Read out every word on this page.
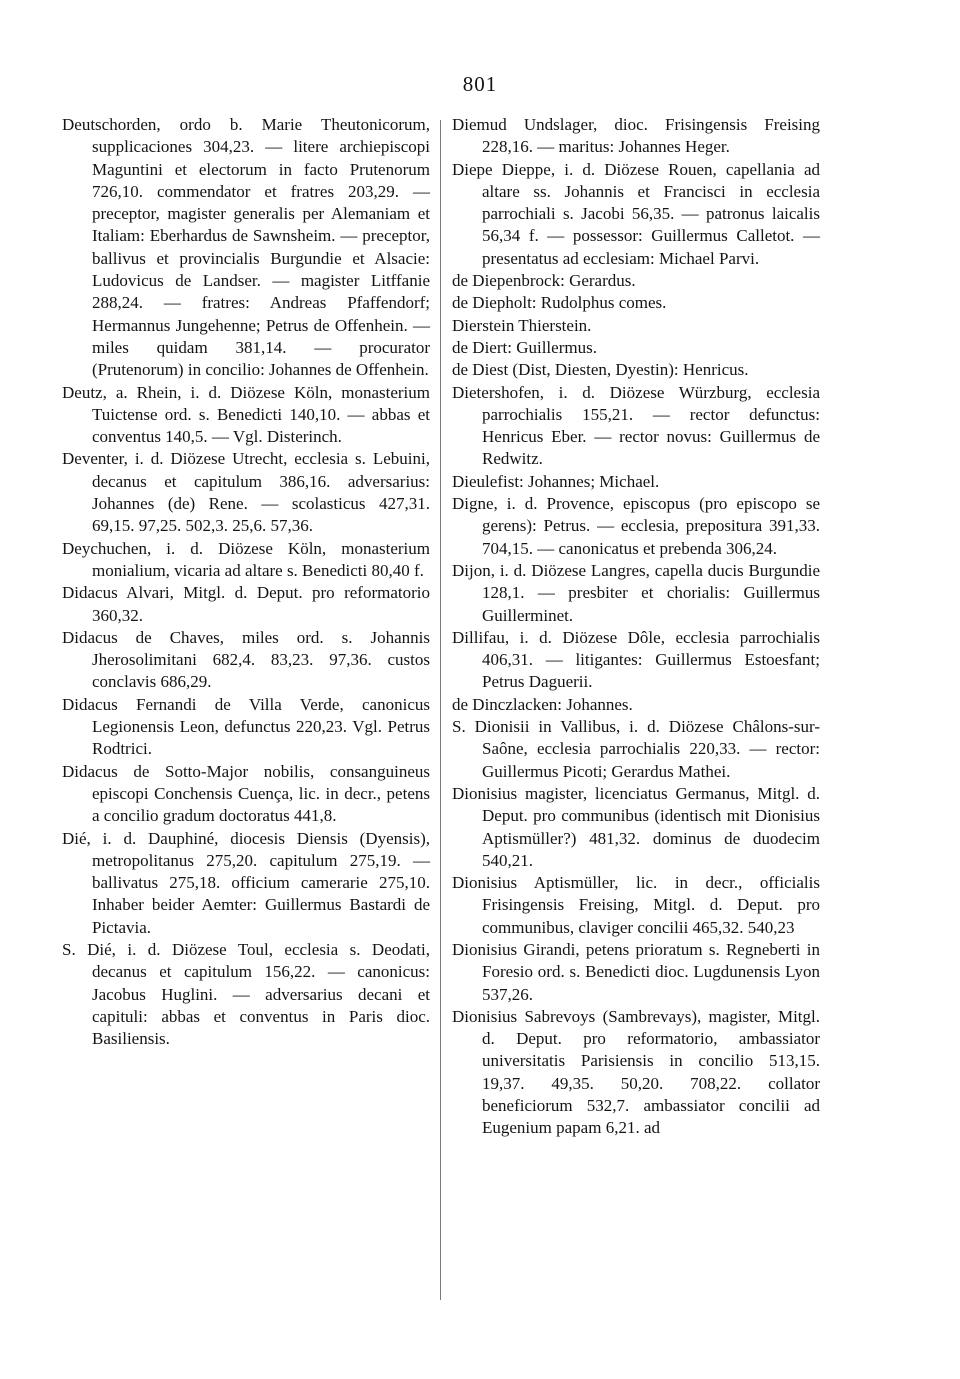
801

Deutschorden, ordo b. Marie Theutonicorum, supplicaciones 304,23. — litere archiepiscopi Maguntini et electorum in facto Prutenorum 726,10. commendator et fratres 203,29. — preceptor, magister generalis per Alemaniam et Italiam: Eberhardus de Sawnsheim. — preceptor, ballivus et provincialis Burgundie et Alsacie: Ludovicus de Landser. — magister Litffanie 288,24. — fratres: Andreas Pfaffendorf; Hermannus Jungehenne; Petrus de Offenhein. — miles quidam 381,14. — procurator (Prutenorum) in concilio: Johannes de Offenhein.

Deutz, a. Rhein, i. d. Diözese Köln, monasterium Tuictense ord. s. Benedicti 140,10. — abbas et conventus 140,5. — Vgl. Disterinch.

Deventer, i. d. Diözese Utrecht, ecclesia s. Lebuini, decanus et capitulum 386,16. adversarius: Johannes (de) Rene. — scolasticus 427,31. 69,15. 97,25. 502,3. 25,6. 57,36.

Deychuchen, i. d. Diözese Köln, monasterium monialium, vicaria ad altare s. Benedicti 80,40 f.

Didacus Alvari, Mitgl. d. Deput. pro reformatorio 360,32.

Didacus de Chaves, miles ord. s. Johannis Jherosolimitani 682,4. 83,23. 97,36. custos conclavis 686,29.

Didacus Fernandi de Villa Verde, canonicus Legionensis Leon, defunctus 220,23. Vgl. Petrus Rodtrici.

Didacus de Sotto-Major nobilis, consanguineus episcopi Conchensis Cuença, lic. in decr., petens a concilio gradum doctoratus 441,8.

Dié, i. d. Dauphiné, diocesis Diensis (Dyensis), metropolitanus 275,20. capitulum 275,19. — ballivatus 275,18. officium camerarie 275,10. Inhaber beider Aemter: Guillermus Bastardi de Pictavia.

S. Dié, i. d. Diözese Toul, ecclesia s. Deodati, decanus et capitulum 156,22. — canonicus: Jacobus Huglini. — adversarius decani et capituli: abbas et conventus in Paris dioc. Basiliensis.

Diemud Undslager, dioc. Frisingensis Freising 228,16. — maritus: Johannes Heger.

Diepe Dieppe, i. d. Diözese Rouen, capellania ad altare ss. Johannis et Francisci in ecclesia parrochiali s. Jacobi 56,35. — patronus laicalis 56,34 f. — possessor: Guillermus Calletot. — presentatus ad ecclesiam: Michael Parvi.

de Diepenbrock: Gerardus.

de Diepholt: Rudolphus comes.

Dierstein Thierstein.

de Diert: Guillermus.

de Diest (Dist, Diesten, Dyestin): Henricus.

Dietershofen, i. d. Diözese Würzburg, ecclesia parrochialis 155,21. — rector defunctus: Henricus Eber. — rector novus: Guillermus de Redwitz.

Dieulefist: Johannes; Michael.

Digne, i. d. Provence, episcopus (pro episcopo se gerens): Petrus. — ecclesia, prepositura 391,33. 704,15. — canonicatus et prebenda 306,24.

Dijon, i. d. Diözese Langres, capella ducis Burgundie 128,1. — presbiter et chorialis: Guillermus Guillerminet.

Dillifau, i. d. Diözese Dôle, ecclesia parrochialis 406,31. — litigantes: Guillermus Estoesfant; Petrus Daguerii.

de Dinczlacken: Johannes.

S. Dionisii in Vallibus, i. d. Diözese Châlons-sur-Saône, ecclesia parrochialis 220,33. — rector: Guillermus Picoti; Gerardus Mathei.

Dionisius magister, licenciatus Germanus, Mitgl. d. Deput. pro communibus (identisch mit Dionisius Aptismüller?) 481,32. dominus de duodecim 540,21.

Dionisius Aptismüller, lic. in decr., officialis Frisingensis Freising, Mitgl. d. Deput. pro communibus, claviger concilii 465,32. 540,23

Dionisius Girandi, petens prioratum s. Regneberti in Foresio ord. s. Benedicti dioc. Lugdunensis Lyon 537,26.

Dionisius Sabrevoys (Sambrevays), magister, Mitgl. d. Deput. pro reformatorio, ambassiator universitatis Parisiensis in concilio 513,15. 19,37. 49,35. 50,20. 708,22. collator beneficiorum 532,7. ambassiator concilii ad Eugenium papam 6,21. ad
